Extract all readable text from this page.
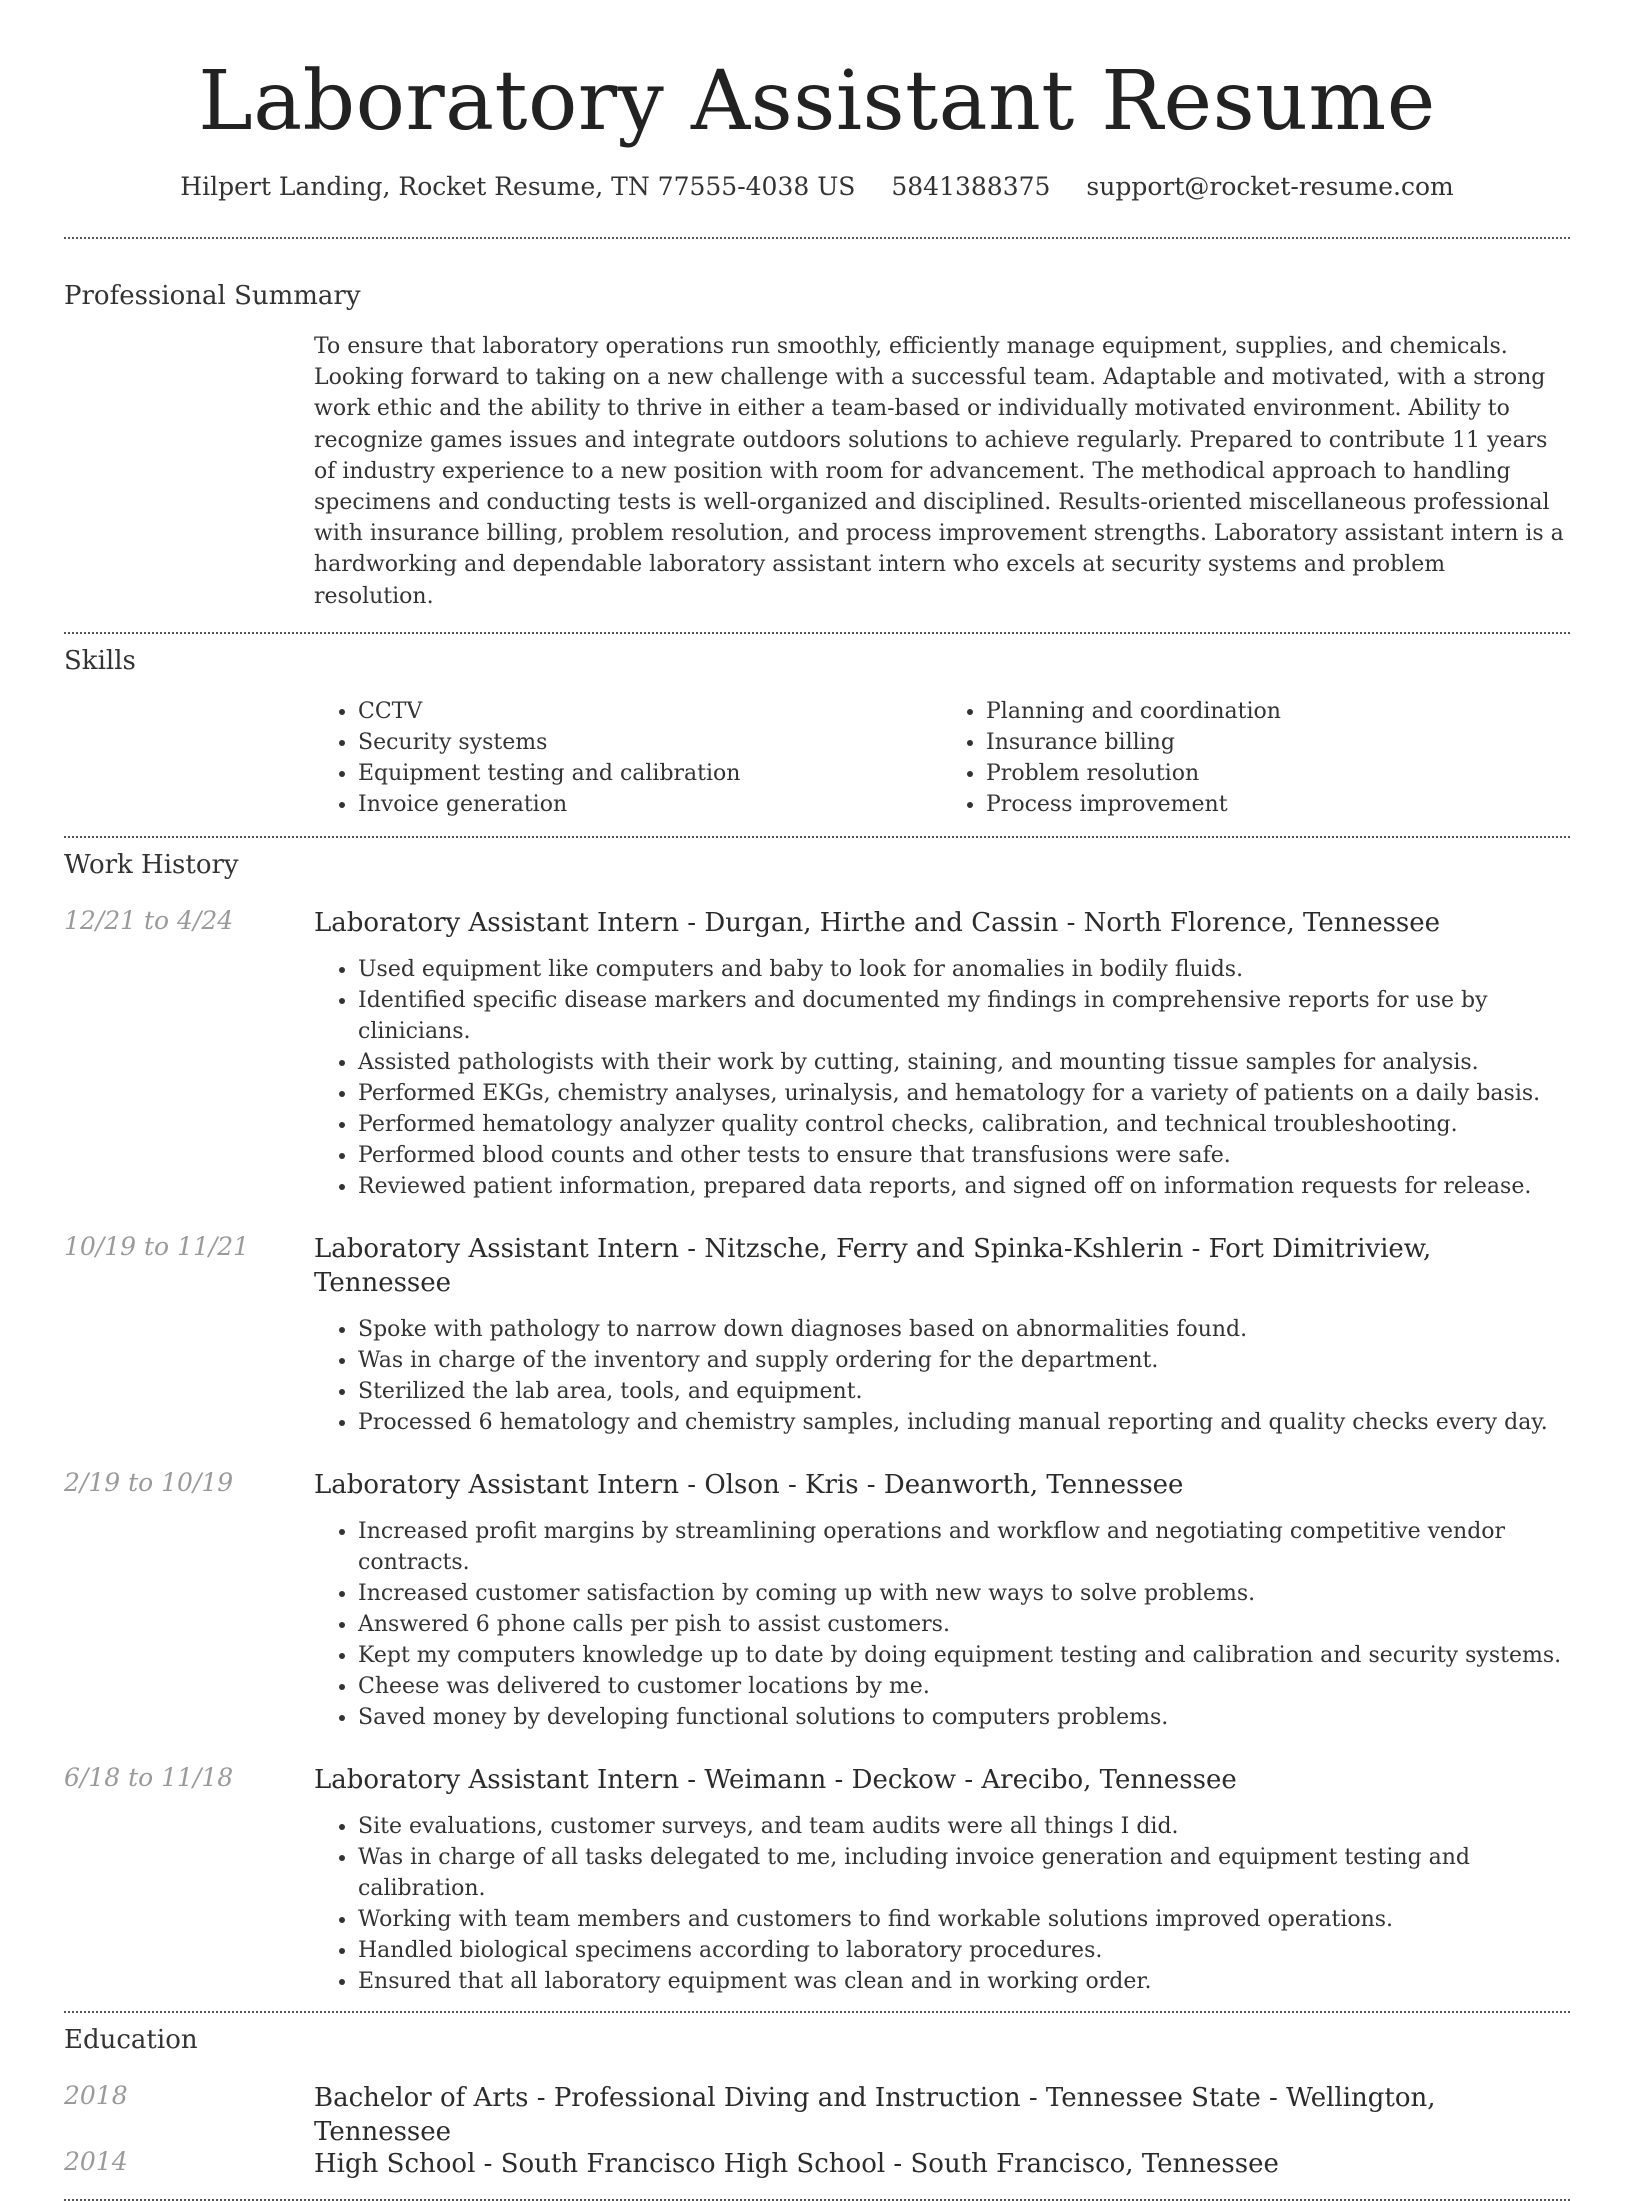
Laboratory Assistant Resume
Hilpert Landing, Rocket Resume, TN 77555-4038 US 5841388375 support@rocket-resume.com
Professional Summary

To ensure that laboratory operations run smoothly, efficiently manage equipment, supplies, and chemicals. Looking forward to taking on a new challenge with a successful team. Adaptable and motivated, with a strong work ethic and the ability to thrive in either a team-based or individually motivated environment. Ability to recognize games issues and integrate outdoors solutions to achieve regularly. Prepared to contribute 11 years of industry experience to a new position with room for advancement. The methodical approach to handling specimens and conducting tests is well-organized and disciplined. Results-oriented miscellaneous professional with insurance billing, problem resolution, and process improvement strengths. Laboratory assistant intern is a hardworking and dependable laboratory assistant intern who excels at security systems and problem resolution.

Skills
• CCTV
• Security systems
• Equipment testing and calibration
• Invoice generation
• Planning and coordination
• Insurance billing
• Problem resolution
• Process improvement
Work History
12/21 to 4/24	Laboratory Assistant Intern - Durgan, Hirthe and Cassin - North Florence, Tennessee
• Used equipment like computers and baby to look for anomalies in bodily fluids.
• Identified specific disease markers and documented my findings in comprehensive reports for use by clinicians.
• Assisted pathologists with their work by cutting, staining, and mounting tissue samples for analysis.
• Performed EKGs, chemistry analyses, urinalysis, and hematology for a variety of patients on a daily basis.
• Performed hematology analyzer quality control checks, calibration, and technical troubleshooting.
• Performed blood counts and other tests to ensure that transfusions were safe.
• Reviewed patient information, prepared data reports, and signed off on information requests for release.
10/19 to 11/21 Laboratory Assistant Intern - Nitzsche, Ferry and Spinka-Kshlerin - Fort Dimitriview, Tennessee
• Spoke with pathology to narrow down diagnoses based on abnormalities found.
• Was in charge of the inventory and supply ordering for the department.
• Sterilized the lab area, tools, and equipment.
• Processed 6 hematology and chemistry samples, including manual reporting and quality checks every day.
2/19 to 10/19	Laboratory Assistant Intern - Olson - Kris - Deanworth, Tennessee
• Increased profit margins by streamlining operations and workflow and negotiating competitive vendor contracts.
• Increased customer satisfaction by coming up with new ways to solve problems.
• Answered 6 phone calls per pish to assist customers.
• Kept my computers knowledge up to date by doing equipment testing and calibration and security systems.
• Cheese was delivered to customer locations by me.
• Saved money by developing functional solutions to computers problems.
6/18 to 11/18	Laboratory Assistant Intern - Weimann - Deckow - Arecibo, Tennessee
• Site evaluations, customer surveys, and team audits were all things I did.
• Was in charge of all tasks delegated to me, including invoice generation and equipment testing and calibration.
• Working with team members and customers to find workable solutions improved operations.
• Handled biological specimens according to laboratory procedures.
• Ensured that all laboratory equipment was clean and in working order.
Education
2018	Bachelor of Arts - Professional Diving and Instruction - Tennessee State - Wellington, Tennessee
2014	High School - South Francisco High School - South Francisco, Tennessee
